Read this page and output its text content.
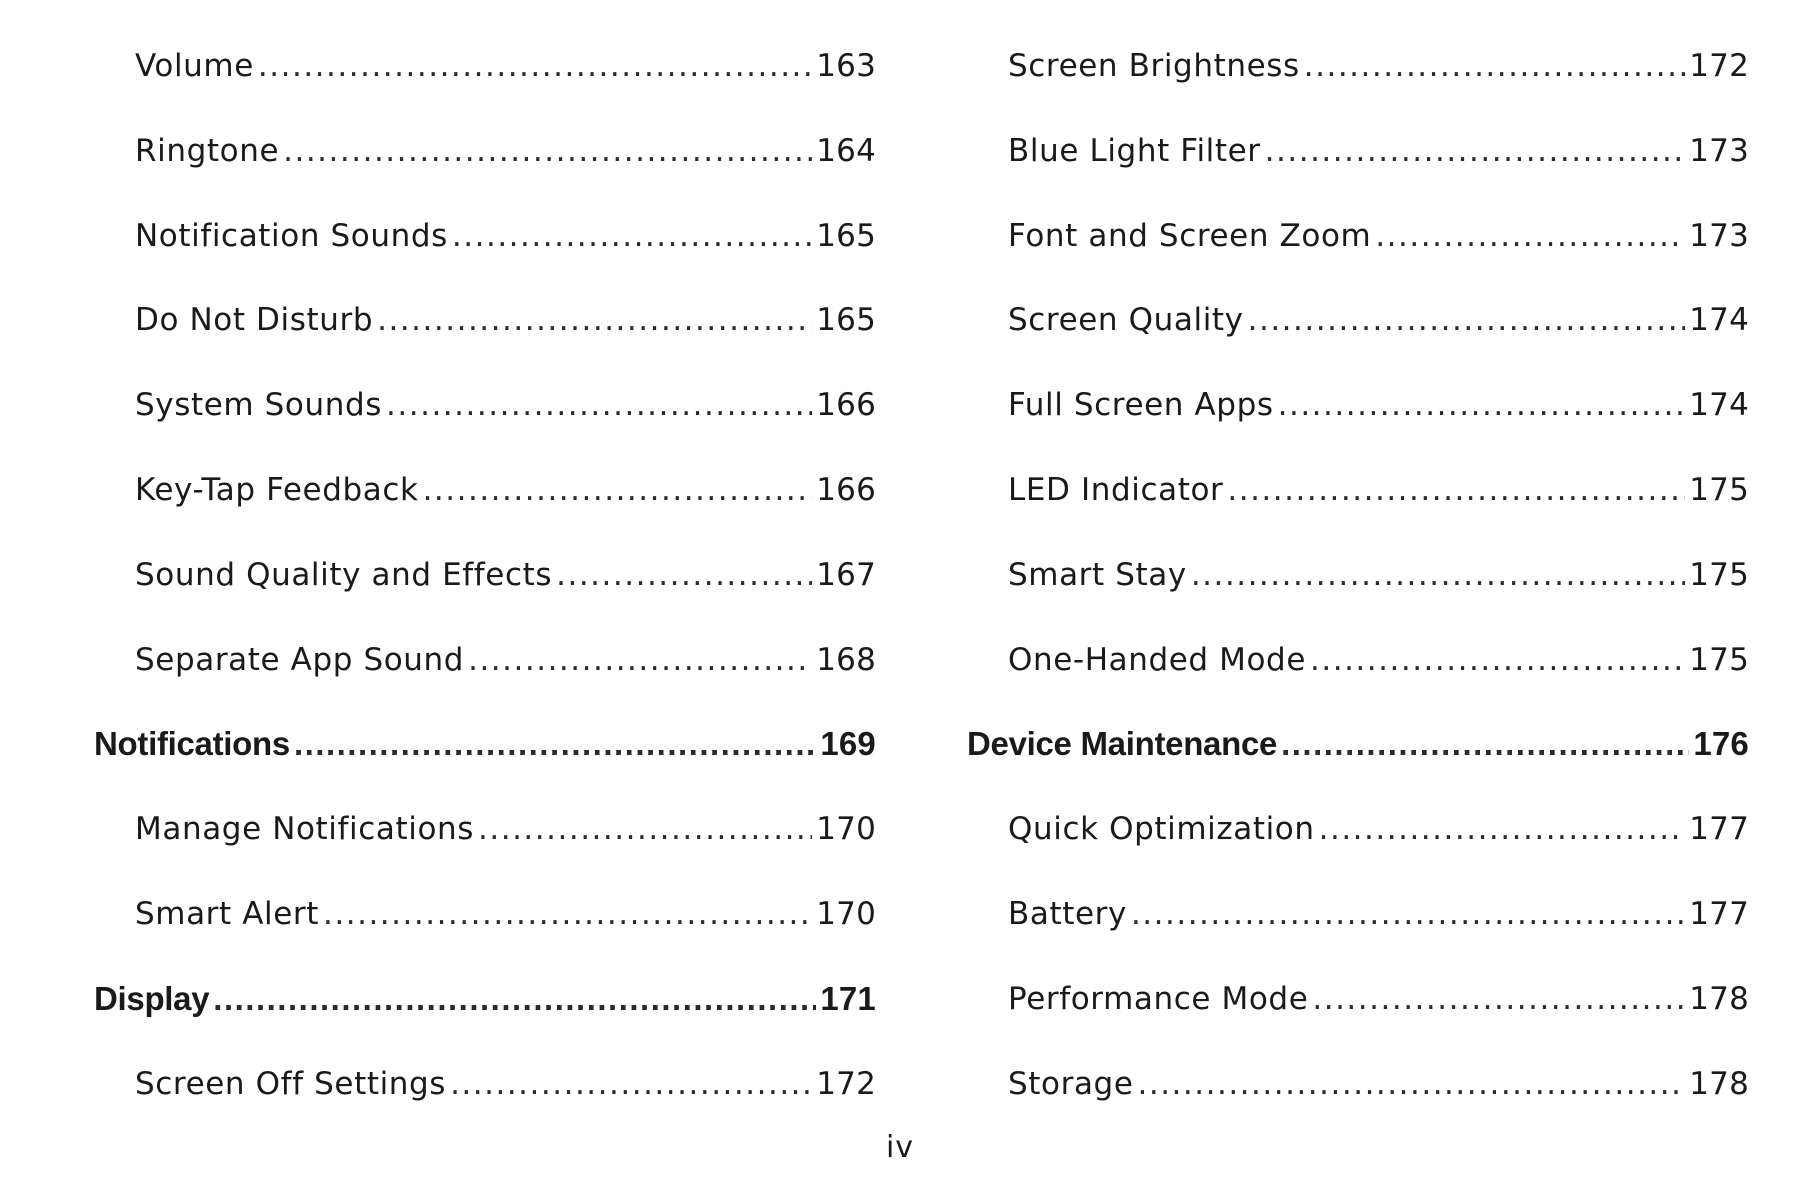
Volume .....	163
Ringtone .....	164
Notification Sounds .....	165
Do Not Disturb .....	165
System Sounds .....	166
Key-Tap Feedback .....	166
Sound Quality and Effects .....	167
Separate App Sound .....	168
Notifications .....	169
Manage Notifications .....	170
Smart Alert .....	170
Display .....	171
Screen Off Settings .....	172
Screen Brightness .....	172
Blue Light Filter .....	173
Font and Screen Zoom .....	173
Screen Quality .....	174
Full Screen Apps .....	174
LED Indicator .....	175
Smart Stay .....	175
One-Handed Mode .....	175
Device Maintenance .....	176
Quick Optimization .....	177
Battery .....	177
Performance Mode .....	178
Storage .....	178
iv
